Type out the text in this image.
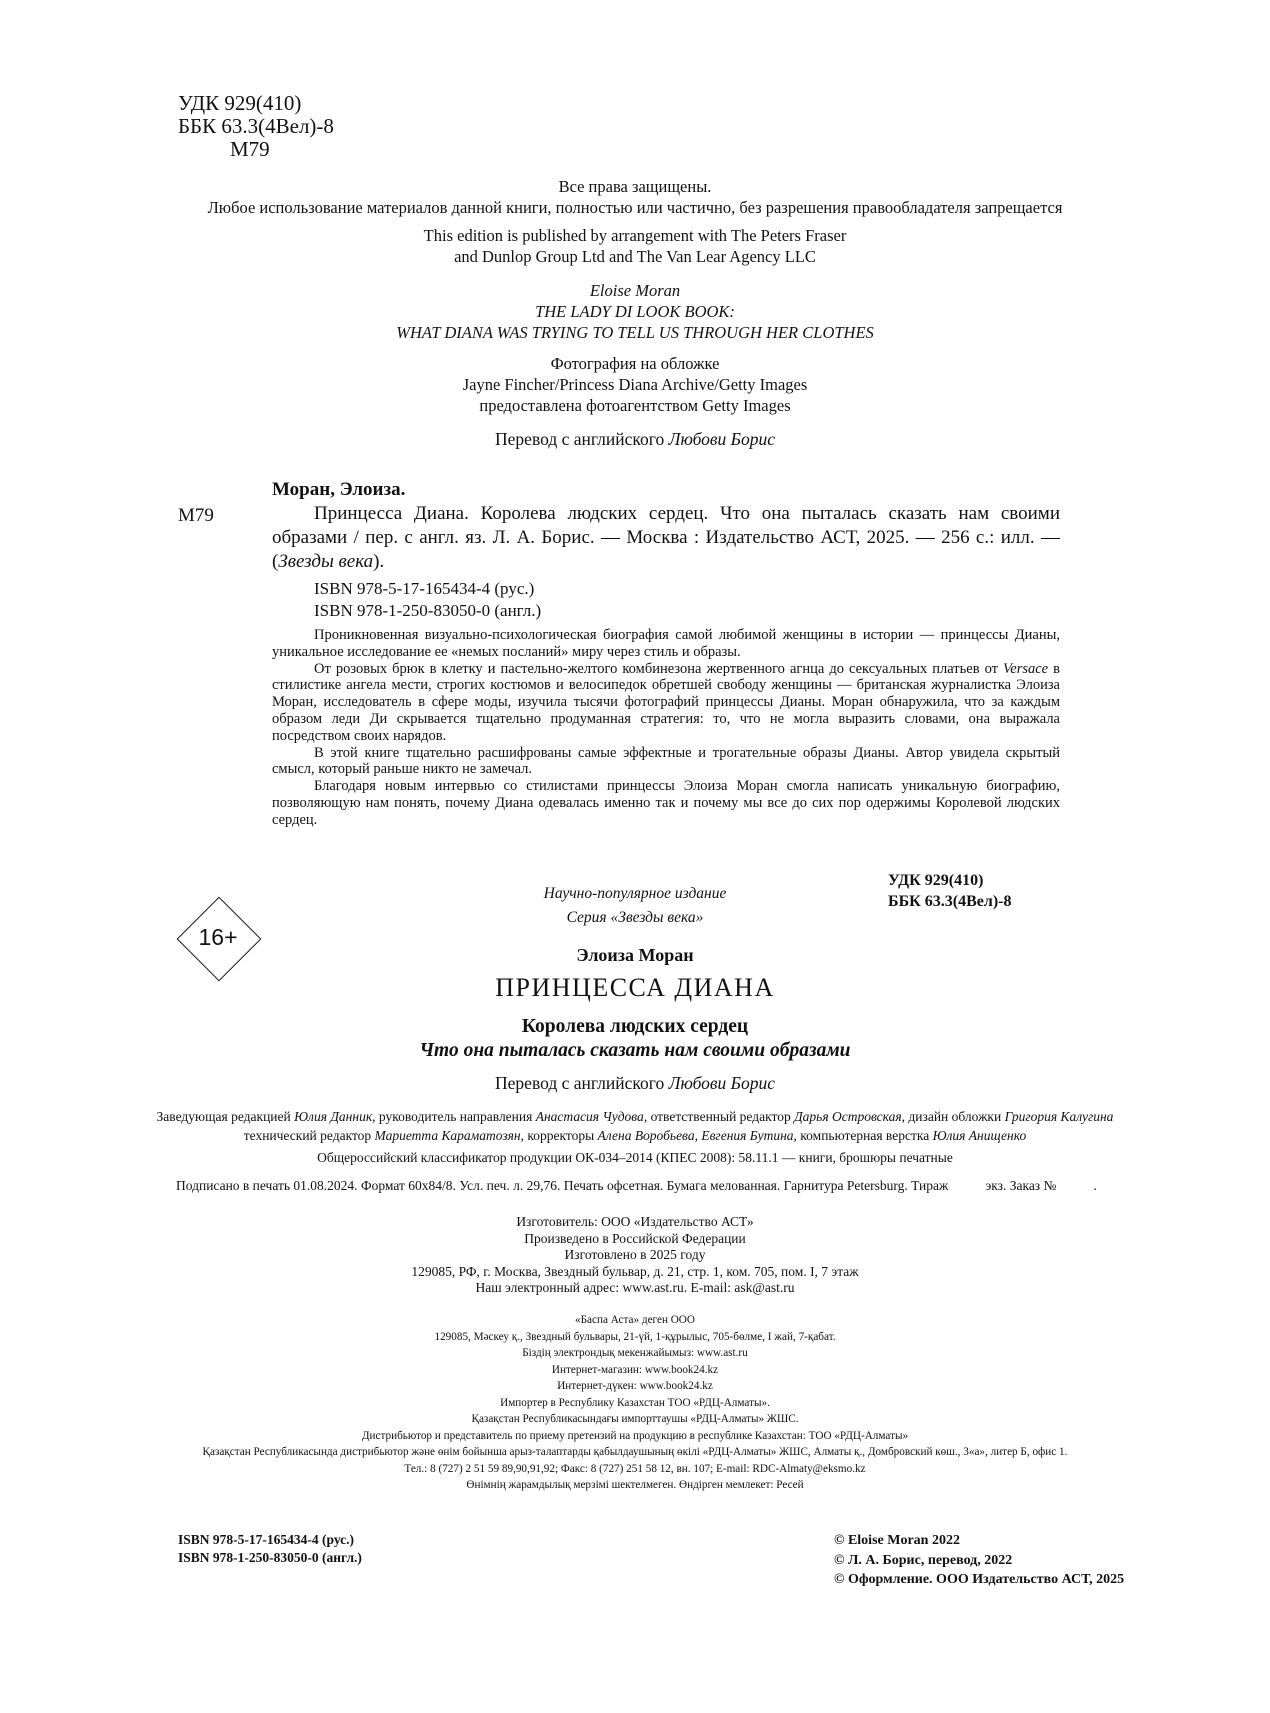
УДК 929(410)
ББК 63.3(4Вел)-8
М79
Все права защищены.
Любое использование материалов данной книги, полностью или частично, без разрешения правообладателя запрещается
This edition is published by arrangement with The Peters Fraser
and Dunlop Group Ltd and The Van Lear Agency LLC
Eloise Moran
THE LADY DI LOOK BOOK:
WHAT DIANA WAS TRYING TO TELL US THROUGH HER CLOTHES
Фотография на обложке
Jayne Fincher/Princess Diana Archive/Getty Images
предоставлена фотоагентством Getty Images
Перевод с английского Любови Борис
Моран, Элоиза.
М79	Принцесса Диана. Королева людских сердец. Что она пыталась сказать нам своими образами / пер. с англ. яз. Л. А. Борис. — Москва : Издательство АСТ, 2025. — 256 с.: илл. — (Звезды века).
ISBN 978-5-17-165434-4 (рус.)
ISBN 978-1-250-83050-0 (англ.)

Проникновенная визуально-психологическая биография самой любимой женщины в истории — принцессы Дианы, уникальное исследование ее «немых посланий» миру через стиль и образы.

От розовых брюк в клетку и пастельно-желтого комбинезона жертвенного агнца до сексуальных платьев от Versace в стилистике ангела мести, строгих костюмов и велосипедок обретшей свободу женщины — британская журналистка Элоиза Моран, исследователь в сфере моды, изучила тысячи фотографий принцессы Дианы. Моран обнаружила, что за каждым образом леди Ди скрывается тщательно продуманная стратегия: то, что не могла выразить словами, она выражала посредством своих нарядов.

В этой книге тщательно расшифрованы самые эффектные и трогательные образы Дианы. Автор увидела скрытый смысл, который раньше никто не замечал.

Благодаря новым интервью со стилистами принцессы Элоиза Моран смогла написать уникальную биографию, позволяющую нам понять, почему Диана одевалась именно так и почему мы все до сих пор одержимы Королевой людских сердец.

УДК 929(410)
ББК 63.3(4Вел)-8
Научно-популярное издание
Серия «Звезды века»
16+
Элоиза Моран
ПРИНЦЕССА ДИАНА
Королева людских сердец
Что она пыталась сказать нам своими образами
Перевод с английского Любови Борис
Заведующая редакцией Юлия Данник, руководитель направления Анастасия Чудова, ответственный редактор Дарья Островская, дизайн обложки Григория Калугина
технический редактор Мариетта Караматозян, корректоры Алена Воробьева, Евгения Бутина, компьютерная верстка Юлия Анищенко
Общероссийский классификатор продукции ОК-034–2014 (КПЕС 2008): 58.11.1 — книги, брошюры печатные
Подписано в печать 01.08.2024. Формат 60x84/8. Усл. печ. л. 29,76. Печать офсетная. Бумага мелованная. Гарнитура Petersburg. Тираж           экз. Заказ №           .
Изготовитель: ООО «Издательство АСТ»
Произведено в Российской Федерации
Изготовлено в 2025 году
129085, РФ, г. Москва, Звездный бульвар, д. 21, стр. 1, ком. 705, пом. I, 7 этаж
Наш электронный адрес: www.ast.ru. E-mail: ask@ast.ru
«Баспа Аста» деген ООО
129085, Мәскеу қ., Звездный бульвары, 21-үй, 1-құрылыс, 705-бөлме, I жай, 7-қабат.
Біздің электрондық мекенжайымыз: www.ast.ru
Интернет-магазин: www.book24.kz
Интернет-дүкен: www.book24.kz
Импортер в Республику Казахстан ТОО «РДЦ-Алматы».
Қазақстан Республикасындағы импорттаушы «РДЦ-Алматы» ЖШС.
Дистрибьютор и представитель по приему претензий на продукцию в республике Казахстан: ТОО «РДЦ-Алматы»
Қазақстан Республикасында дистрибьютор және өнім бойынша арыз-талаптарды қабылдаушының өкілі «РДЦ-Алматы» ЖШС, Алматы қ., Домбровский көш., 3«а», литер Б, офис 1.
Тел.: 8 (727) 2 51 59 89,90,91,92; Факс: 8 (727) 251 58 12, вн. 107; E-mail: RDC-Almaty@eksmo.kz
Өнімнің жарамдылық мерзімі шектелмеген. Өндірген мемлекет: Ресей
ISBN 978-5-17-165434-4 (рус.)
ISBN 978-1-250-83050-0 (англ.)
© Eloise Moran 2022
© Л. А. Борис, перевод, 2022
© Оформление. ООО Издательство АСТ, 2025
